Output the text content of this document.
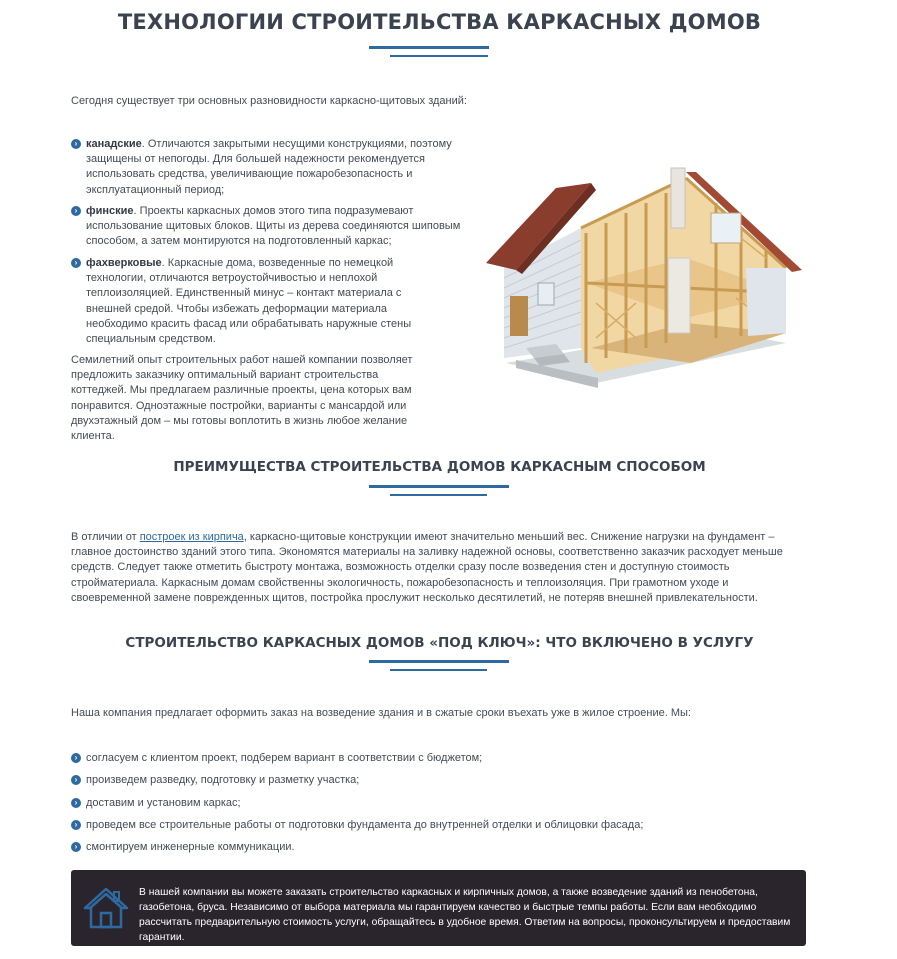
ТЕХНОЛОГИИ СТРОИТЕЛЬСТВА КАРКАСНЫХ ДОМОВ

Сегодня существует три основных разновидности каркасно-щитовых зданий:

› канадские. Отличаются закрытыми несущими конструкциями, поэтому защищены от непогоды. Для большей надежности рекомендуется использовать средства, увеличивающие пожаробезопасность и эксплуатационный период;
› финские. Проекты каркасных домов этого типа подразумевают использование щитовых блоков. Щиты из дерева соединяются шиповым способом, а затем монтируются на подготовленный каркас;
› фахверковые. Каркасные дома, возведенные по немецкой технологии, отличаются ветроустойчивостью и неплохой теплоизоляцией. Единственный минус – контакт материала с внешней средой. Чтобы избежать деформации материала необходимо красить фасад или обрабатывать наружные стены специальным средством.

Семилетний опыт строительных работ нашей компании позволяет предложить заказчику оптимальный вариант строительства коттеджей. Мы предлагаем различные проекты, цена которых вам понравится. Одноэтажные постройки, варианты с мансардой или двухэтажный дом – мы готовы воплотить в жизнь любое желание клиента.

ПРЕИМУЩЕСТВА СТРОИТЕЛЬСТВА ДОМОВ КАРКАСНЫМ СПОСОБОМ

В отличии от построек из кирпича, каркасно-щитовые конструкции имеют значительно меньший вес. Снижение нагрузки на фундамент – главное достоинство зданий этого типа. Экономятся материалы на заливку надежной основы, соответственно заказчик расходует меньше средств. Следует также отметить быстроту монтажа, возможность отделки сразу после возведения стен и доступную стоимость стройматериала. Каркасным домам свойственны экологичность, пожаробезопасность и теплоизоляция. При грамотном уходе и своевременной замене поврежденных щитов, постройка прослужит несколько десятилетий, не потеряв внешней привлекательности.

СТРОИТЕЛЬСТВО КАРКАСНЫХ ДОМОВ «ПОД КЛЮЧ»: ЧТО ВКЛЮЧЕНО В УСЛУГУ

Наша компания предлагает оформить заказ на возведение здания и в сжатые сроки въехать уже в жилое строение. Мы:

› согласуем с клиентом проект, подберем вариант в соответствии с бюджетом;
› произведем разведку, подготовку и разметку участка;
› доставим и установим каркас;
› проведем все строительные работы от подготовки фундамента до внутренней отделки и облицовки фасада;
› смонтируем инженерные коммуникации.

В нашей компании вы можете заказать строительство каркасных и кирпичных домов, а также возведение зданий из пенобетона, газобетона, бруса. Независимо от выбора материала мы гарантируем качество и быстрые темпы работы. Если вам необходимо рассчитать предварительную стоимость услуги, обращайтесь в удобное время. Ответим на вопросы, проконсультируем и предоставим гарантии.
